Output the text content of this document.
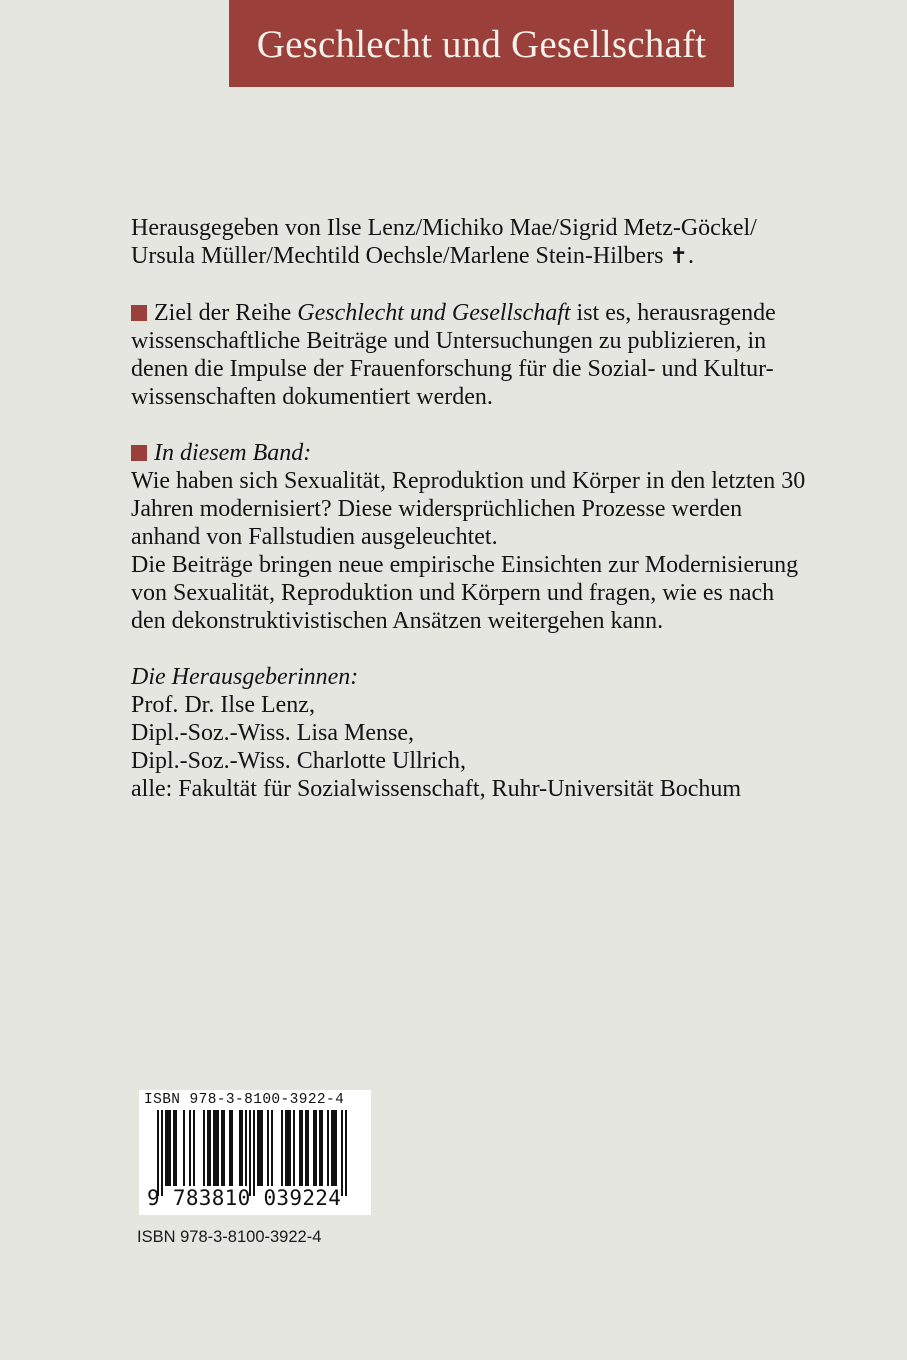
Geschlecht und Gesellschaft

Herausgegeben von Ilse Lenz/Michiko Mae/Sigrid Metz-Göckel/
Ursula Müller/Mechtild Oechsle/Marlene Stein-Hilbers ✝.

Ziel der Reihe Geschlecht und Gesellschaft ist es, herausragende
wissenschaftliche Beiträge und Untersuchungen zu publizieren, in
denen die Impulse der Frauenforschung für die Sozial- und Kultur-
wissenschaften dokumentiert werden.

In diesem Band:
Wie haben sich Sexualität, Reproduktion und Körper in den letzten 30
Jahren modernisiert? Diese widersprüchlichen Prozesse werden
anhand von Fallstudien ausgeleuchtet.
Die Beiträge bringen neue empirische Einsichten zur Modernisierung
von Sexualität, Reproduktion und Körpern und fragen, wie es nach
den dekonstruktivistischen Ansätzen weitergehen kann.

Die Herausgeberinnen:
Prof. Dr. Ilse Lenz,
Dipl.-Soz.-Wiss. Lisa Mense,
Dipl.-Soz.-Wiss. Charlotte Ullrich,
alle: Fakultät für Sozialwissenschaft, Ruhr-Universität Bochum

ISBN 978-3-8100-3922-4
9 783810 039224
ISBN 978-3-8100-3922-4
